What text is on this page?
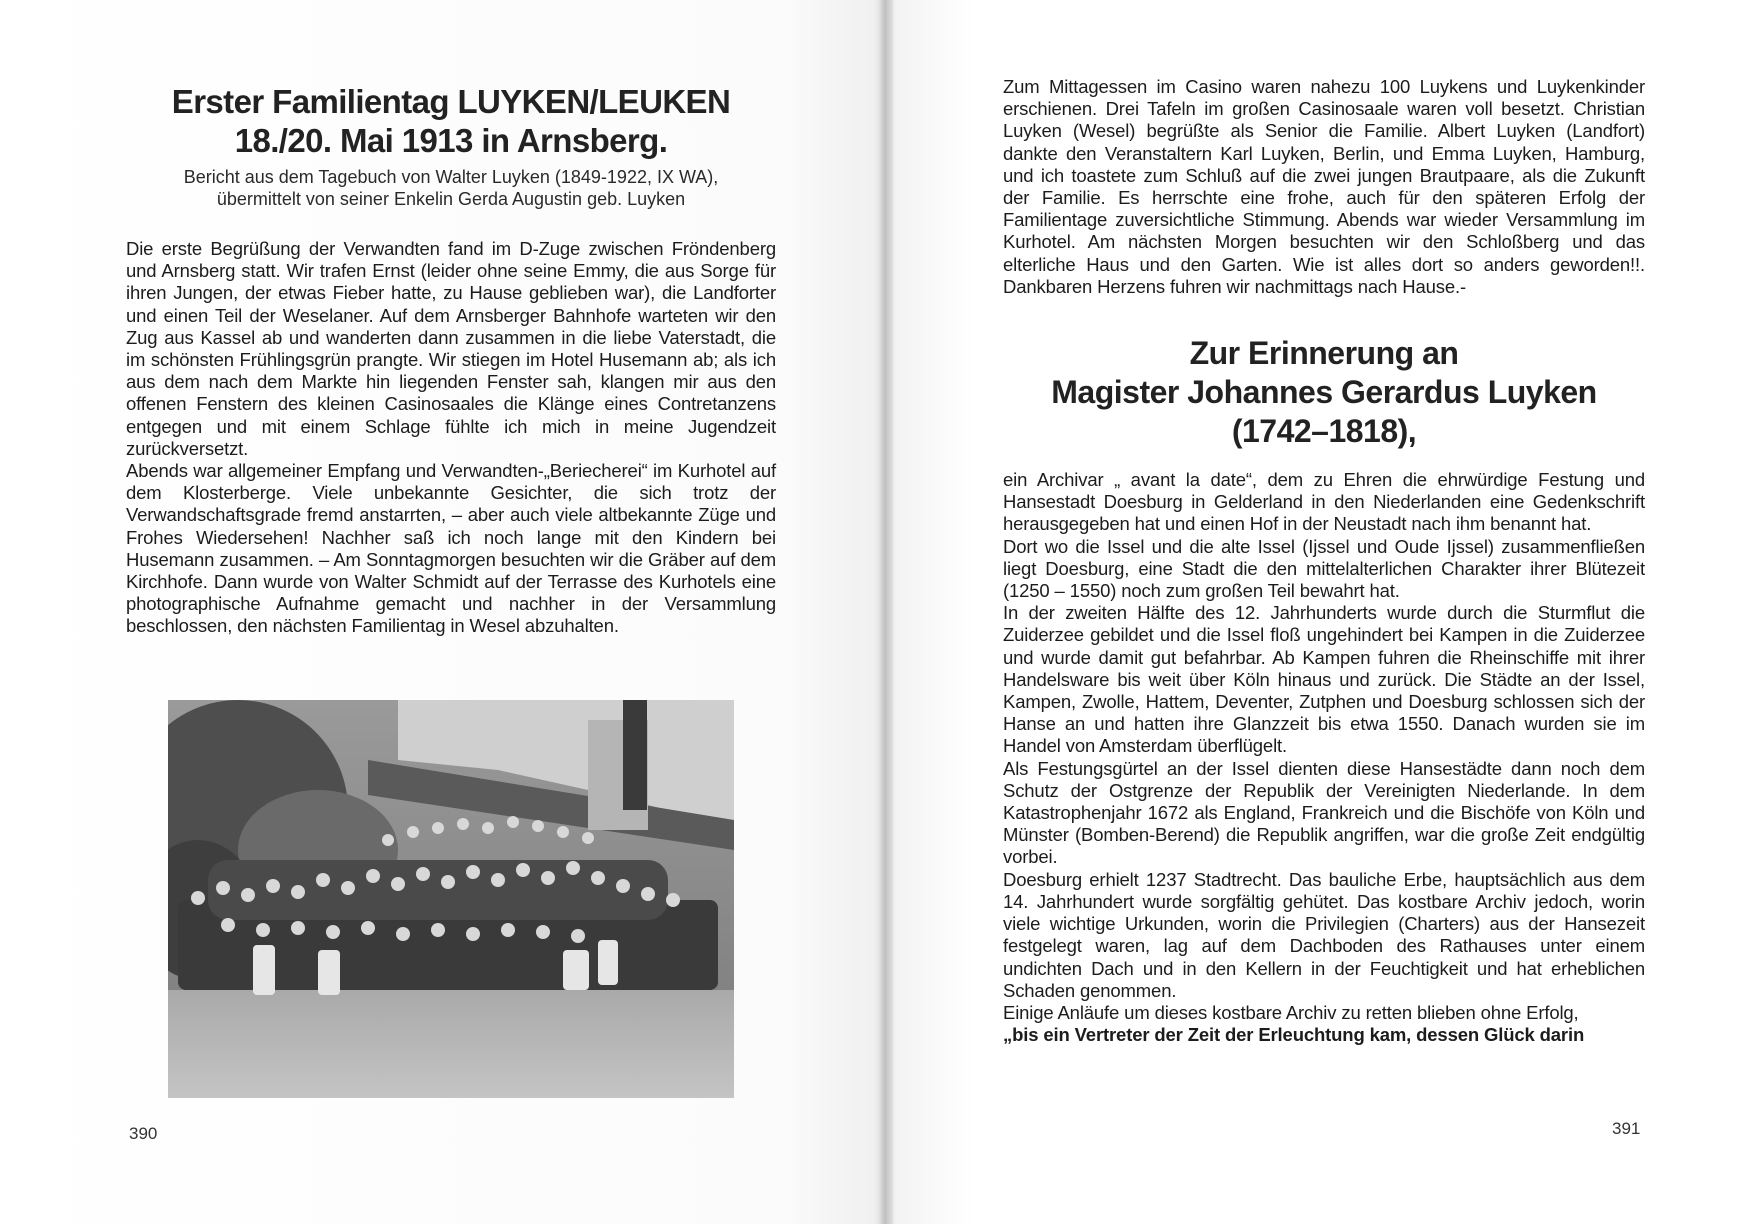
Erster Familientag LUYKEN/LEUKEN
18./20. Mai 1913 in Arnsberg.
Bericht aus dem Tagebuch von Walter Luyken (1849-1922, IX WA),
übermittelt von seiner Enkelin Gerda Augustin geb. Luyken

Die erste Begrüßung der Verwandten fand im D-Zuge zwischen Fröndenberg und Arnsberg statt. Wir trafen Ernst (leider ohne seine Emmy, die aus Sorge für ihren Jungen, der etwas Fieber hatte, zu Hause geblieben war), die Landforter und einen Teil der Weselaner. Auf dem Arnsberger Bahnhofe warteten wir den Zug aus Kassel ab und wanderten dann zusammen in die liebe Vaterstadt, die im schönsten Frühlingsgrün prangte. Wir stiegen im Hotel Husemann ab; als ich aus dem nach dem Markte hin liegenden Fenster sah, klangen mir aus den offenen Fenstern des kleinen Casinosaales die Klänge eines Contretanzens entgegen und mit einem Schlage fühlte ich mich in meine Jugendzeit zurückversetzt.

Abends war allgemeiner Empfang und Verwandten-„Beriecherei“ im Kurhotel auf dem Klosterberge. Viele unbekannte Gesichter, die sich trotz der Verwandschaftsgrade fremd anstarrten, – aber auch viele altbekannte Züge und Frohes Wiedersehen! Nachher saß ich noch lange mit den Kindern bei Husemann zusammen. – Am Sonntagmorgen besuchten wir die Gräber auf dem Kirchhofe. Dann wurde von Walter Schmidt auf der Terrasse des Kurhotels eine photographische Aufnahme gemacht und nachher in der Versammlung beschlossen, den nächsten Familientag in Wesel abzuhalten.

390

Zum Mittagessen im Casino waren nahezu 100 Luykens und Luykenkinder erschienen. Drei Tafeln im großen Casinosaale waren voll besetzt. Christian Luyken (Wesel) begrüßte als Senior die Familie. Albert Luyken (Landfort) dankte den Veranstaltern Karl Luyken, Berlin, und Emma Luyken, Hamburg, und ich toastete zum Schluß auf die zwei jungen Brautpaare, als die Zukunft der Familie. Es herrschte eine frohe, auch für den späteren Erfolg der Familientage zuversichtliche Stimmung. Abends war wieder Versammlung im Kurhotel. Am nächsten Morgen besuchten wir den Schloßberg und das elterliche Haus und den Garten. Wie ist alles dort so anders geworden!!. Dankbaren Herzens fuhren wir nachmittags nach Hause.-

Zur Erinnerung an
Magister Johannes Gerardus Luyken
(1742–1818),

ein Archivar „ avant la date“, dem zu Ehren die ehrwürdige Festung und Hansestadt Doesburg in Gelderland in den Niederlanden eine Gedenkschrift herausgegeben hat und einen Hof in der Neustadt nach ihm benannt hat.

Dort wo die Issel und die alte Issel (Ijssel und Oude Ijssel) zusammenfließen liegt Doesburg, eine Stadt die den mittelalterlichen Charakter ihrer Blütezeit (1250 – 1550) noch zum großen Teil bewahrt hat.

In der zweiten Hälfte des 12. Jahrhunderts wurde durch die Sturmflut die Zuiderzee gebildet und die Issel floß ungehindert bei Kampen in die Zuiderzee und wurde damit gut befahrbar. Ab Kampen fuhren die Rheinschiffe mit ihrer Handelsware bis weit über Köln hinaus und zurück. Die Städte an der Issel, Kampen, Zwolle, Hattem, Deventer, Zutphen und Doesburg schlossen sich der Hanse an und hatten ihre Glanzzeit bis etwa 1550. Danach wurden sie im Handel von Amsterdam überflügelt.

Als Festungsgürtel an der Issel dienten diese Hansestädte dann noch dem Schutz der Ostgrenze der Republik der Vereinigten Niederlande. In dem Katastrophenjahr 1672 als England, Frankreich und die Bischöfe von Köln und Münster (Bomben-Berend) die Republik angriffen, war die große Zeit endgültig vorbei.

Doesburg erhielt 1237 Stadtrecht. Das bauliche Erbe, hauptsächlich aus dem 14. Jahrhundert wurde sorgfältig gehütet. Das kostbare Archiv jedoch, worin viele wichtige Urkunden, worin die Privilegien (Charters) aus der Hansezeit festgelegt waren, lag auf dem Dachboden des Rathauses unter einem undichten Dach und in den Kellern in der Feuchtigkeit und hat erheblichen Schaden genommen.

Einige Anläufe um dieses kostbare Archiv zu retten blieben ohne Erfolg,

„bis ein Vertreter der Zeit der Erleuchtung kam, dessen Glück darin

391
